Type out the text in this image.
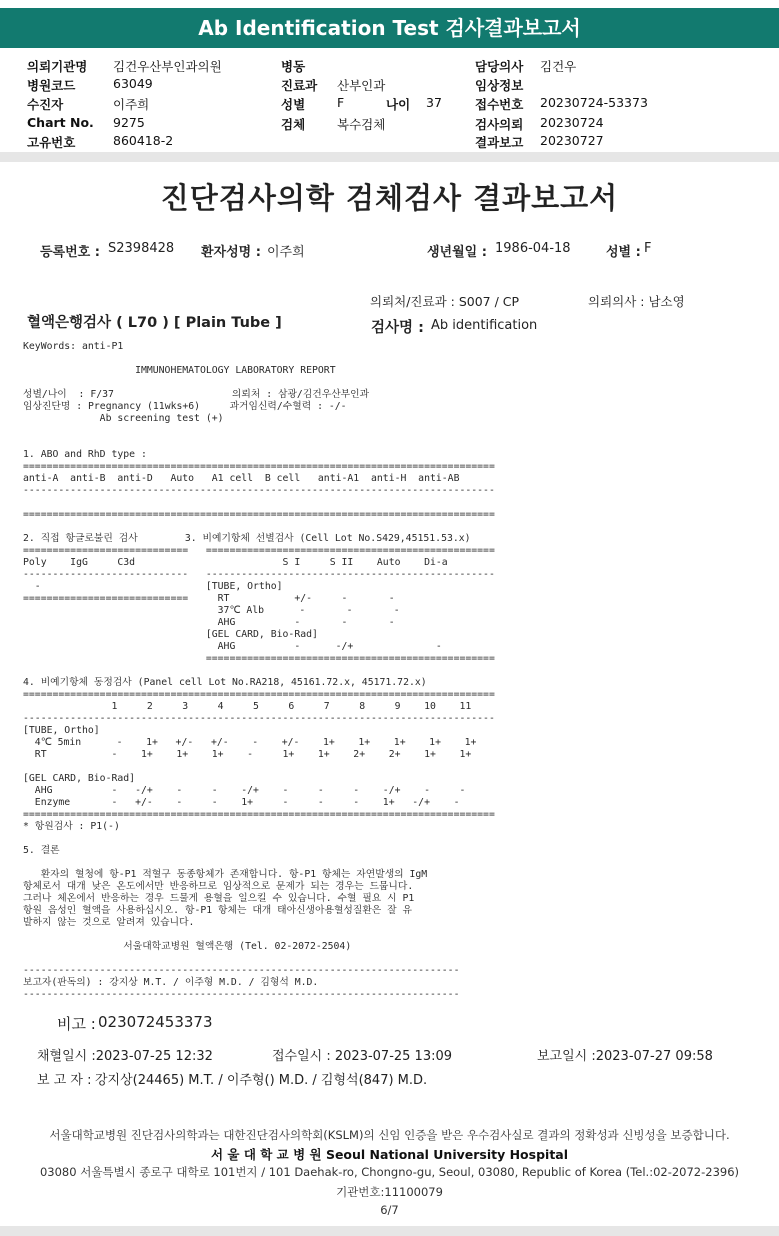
Ab Identification Test 검사결과보고서
의뢰기관명 김건우산부인과의원
병원코드	63049
수진자	이주희
Chart No. 9275
고유번호	860418-2
병동
진료과 산부인과
성별	F	나이 37
검체	복수검체
담당의사 김건우
임상정보
접수번호 20230724-53373
검사의뢰 20230724
결과보고 20230727
진단검사의학 검체검사 결과보고서
등록번호 : S2398428 환자성명 : 이주희	생년월일 : 1986-04-18	성별 : F
의뢰처/진료과 : S007 / CP	의뢰의사 : 남소영
혈액은행검사 ( L70 ) [ Plain Tube ]	검사명 : Ab identification
KeyWords: anti-P1
IMMUNOHEMATOLOGY LABORATORY REPORT
성별/나이  : F/37                    의뢰처 : 삼광/김건우산부인과
임상진단명 : Pregnancy (11wks+6)     과거임신력/수혈력 : -/-
Ab screening test (+)
1. ABO and RhD type :
================================================================================
anti-A  anti-B  anti-D   Auto   A1 cell  B cell   anti-A1  anti-H  anti-AB
--------------------------------------------------------------------------------
================================================================================
2. 직접 항글로불린 검사        3. 비예기항체 선별검사 (Cell Lot No.S429,45151.53.x)
============================   =================================================
Poly    IgG     C3d                         S I     S II    Auto    Di-a
----------------------------   -------------------------------------------------
-                            [TUBE, Ortho]
============================     RT           +/-     -       -
37℃ Alb      -       -       -
AHG          -       -       -
[GEL CARD, Bio-Rad]
AHG          -      -/+              -
=================================================
4. 비예기항체 동정검사 (Panel cell Lot No.RA218, 45161.72.x, 45171.72.x)
================================================================================
1     2     3     4     5     6     7     8     9    10    11
--------------------------------------------------------------------------------
[TUBE, Ortho]
4℃ 5min      -    1+   +/-   +/-    -    +/-    1+    1+    1+    1+    1+
RT           -    1+    1+    1+    -     1+    1+    2+    2+    1+    1+
[GEL CARD, Bio-Rad]
AHG          -   -/+    -     -    -/+    -     -     -    -/+    -     -
Enzyme       -   +/-    -     -    1+     -     -     -    1+   -/+    -
================================================================================
* 항원검사 : P1(-)
5. 결론
환자의 혈청에 항-P1 적혈구 동종항체가 존재합니다. 항-P1 항체는 자연발생의 IgM
항체로서 대개 낮은 온도에서만 반응하므로 임상적으로 문제가 되는 경우는 드뭅니다.
그러나 체온에서 반응하는 경우 드물게 용혈을 일으킬 수 있습니다. 수혈 필요 시 P1
항원 음성인 혈액을 사용하십시오. 항-P1 항체는 대개 태아신생아용혈성질환은 잘 유
발하지 않는 것으로 알려져 있습니다.
서울대학교병원 혈액은행 (Tel. 02-2072-2504)
--------------------------------------------------------------------------
보고자(판독의) : 강지상 M.T. / 이주형 M.D. / 김형석 M.D.
--------------------------------------------------------------------------
비고 : 023072453373
채혈일시 :2023-07-25 12:32	접수일시 : 2023-07-25 13:09	보고일시 :2023-07-27 09:58
보 고 자 : 강지상(24465) M.T. / 이주형() M.D. / 김형석(847) M.D.
서울대학교병원 진단검사의학과는 대한진단검사의학회(KSLM)의 신임 인증을 받은 우수검사실로 결과의 정확성과 신빙성을 보증합니다.
서 울 대 학 교 병 원 Seoul National University Hospital
03080 서울특별시 종로구 대학로 101번지 / 101 Daehak-ro, Chongno-gu, Seoul, 03080, Republic of Korea (Tel.:02-2072-2396)
기관번호:11100079
6/7
